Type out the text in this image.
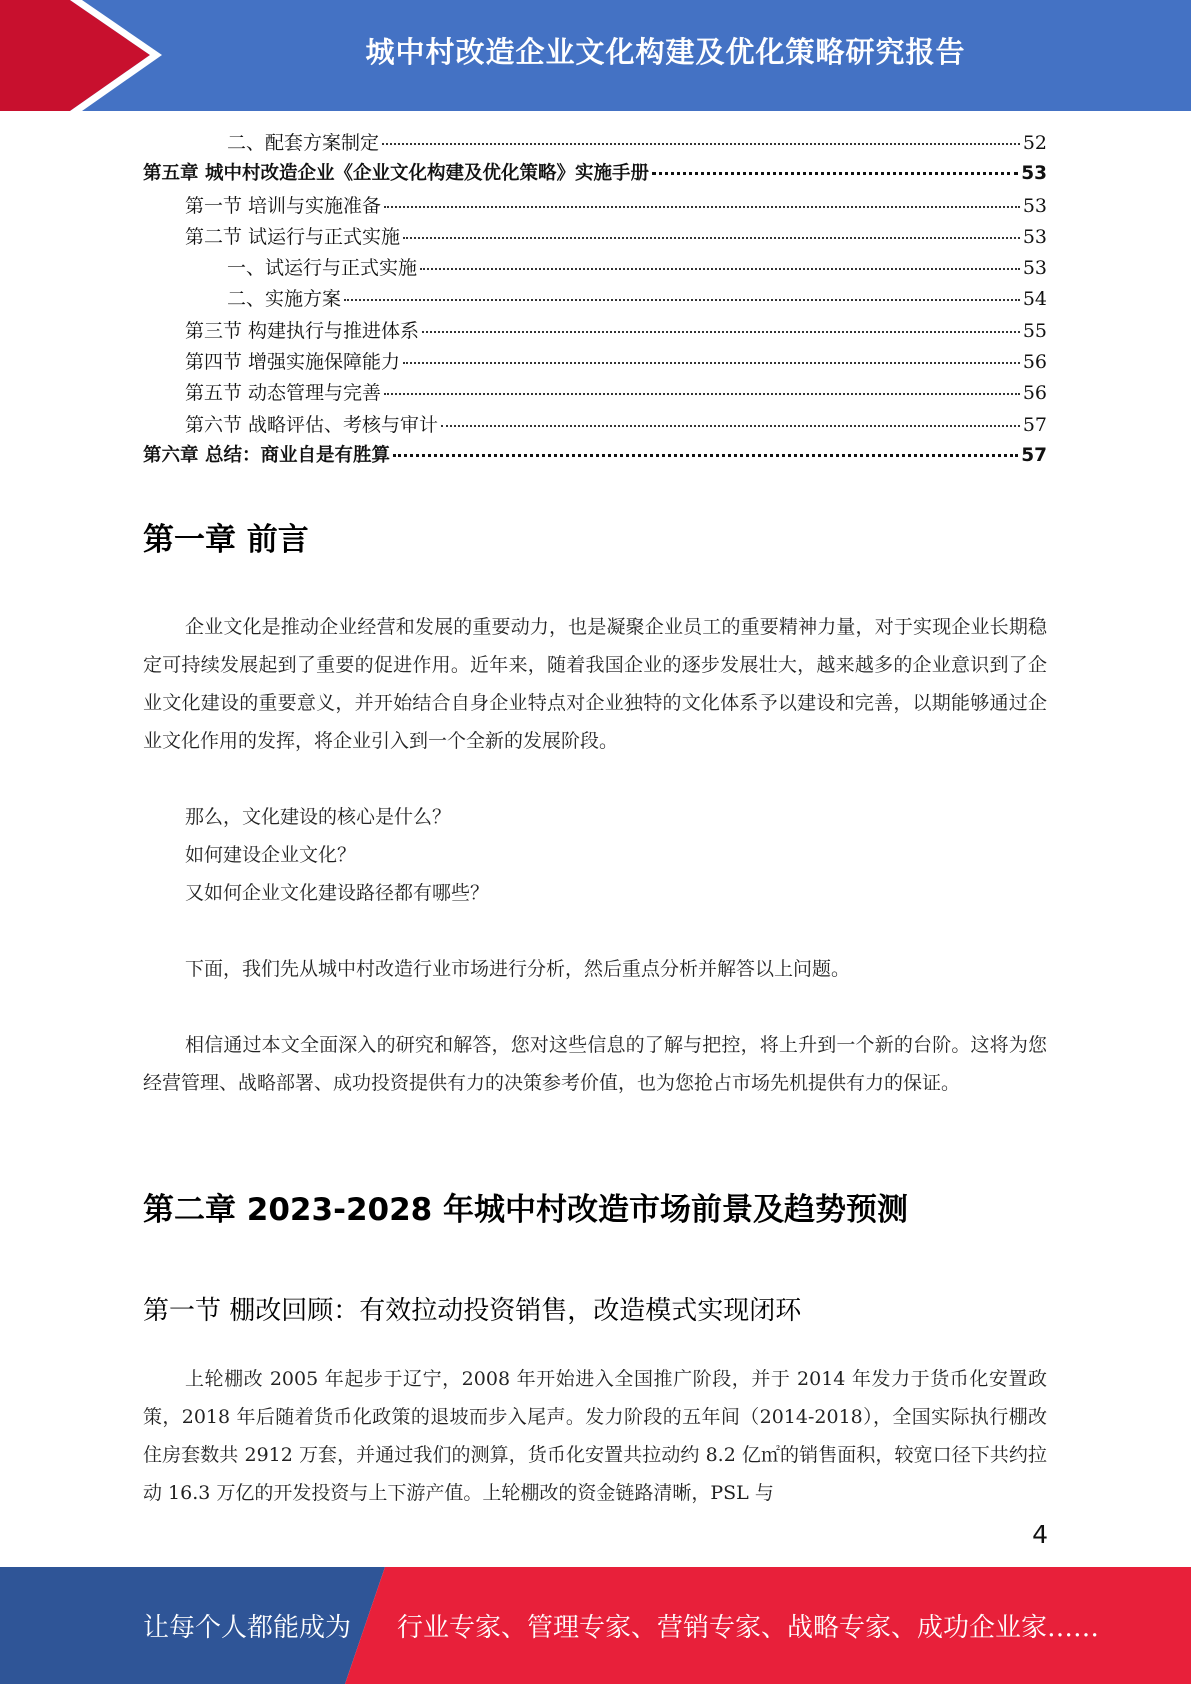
城中村改造企业文化构建及优化策略研究报告
二、配套方案制定	52
第五章 城中村改造企业《企业文化构建及优化策略》实施手册	53
第一节 培训与实施准备	53
第二节 试运行与正式实施	53
一、试运行与正式实施	53
二、实施方案	54
第三节 构建执行与推进体系	55
第四节 增强实施保障能力	56
第五节 动态管理与完善	56
第六节 战略评估、考核与审计	57
第六章 总结：商业自是有胜算	57
第一章 前言
企业文化是推动企业经营和发展的重要动力，也是凝聚企业员工的重要精神力量，对于实现企业长期稳定可持续发展起到了重要的促进作用。近年来，随着我国企业的逐步发展壮大，越来越多的企业意识到了企业文化建设的重要意义，并开始结合自身企业特点对企业独特的文化体系予以建设和完善，以期能够通过企业文化作用的发挥，将企业引入到一个全新的发展阶段。
那么，文化建设的核心是什么？
如何建设企业文化？
又如何企业文化建设路径都有哪些？
下面，我们先从城中村改造行业市场进行分析，然后重点分析并解答以上问题。
相信通过本文全面深入的研究和解答，您对这些信息的了解与把控，将上升到一个新的台阶。这将为您经营管理、战略部署、成功投资提供有力的决策参考价值，也为您抢占市场先机提供有力的保证。
第二章 2023-2028 年城中村改造市场前景及趋势预测
第一节 棚改回顾：有效拉动投资销售，改造模式实现闭环
上轮棚改 2005 年起步于辽宁，2008 年开始进入全国推广阶段，并于 2014 年发力于货币化安置政策，2018 年后随着货币化政策的退坡而步入尾声。发力阶段的五年间（2014-2018），全国实际执行棚改住房套数共 2912 万套，并通过我们的测算，货币化安置共拉动约 8.2 亿㎡的销售面积，较宽口径下共约拉动 16.3 万亿的开发投资与上下游产值。上轮棚改的资金链路清晰，PSL 与
4
让每个人都能成为 行业专家、管理专家、营销专家、战略专家、成功企业家……
